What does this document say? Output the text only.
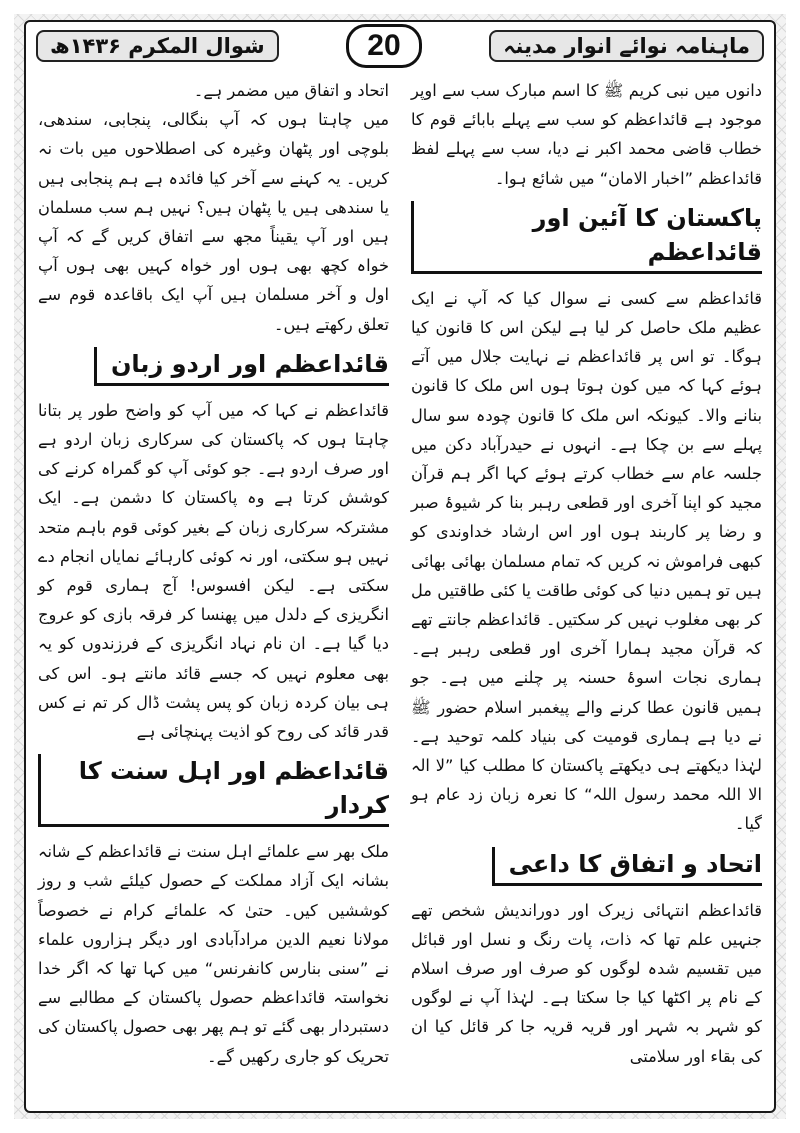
شوال المکرم ۱۴۳۶ھ	20	ماہنامہ نوائے انوار مدینہ

دانوں میں نبی کریم ﷺ کا اسم مبارک سب سے اوپر موجود ہے قائداعظم کو سب سے پہلے بابائے قوم کا خطاب قاضی محمد اکبر نے دیا، سب سے پہلے لفظ قائداعظم ”اخبار الامان“ میں شائع ہوا۔

پاکستان کا آئین اور قائداعظم

قائداعظم سے کسی نے سوال کیا کہ آپ نے ایک عظیم ملک حاصل کر لیا ہے لیکن اس کا قانون کیا ہوگا۔ تو اس پر قائداعظم نے نہایت جلال میں آتے ہوئے کہا کہ میں کون ہوتا ہوں اس ملک کا قانون بنانے والا۔ کیونکہ اس ملک کا قانون چودہ سو سال پہلے سے بن چکا ہے۔ انہوں نے حیدرآباد دکن میں جلسہ عام سے خطاب کرتے ہوئے کہا اگر ہم قرآن مجید کو اپنا آخری اور قطعی رہبر بنا کر شیوۂ صبر و رضا پر کاربند ہوں اور اس ارشاد خداوندی کو کبھی فراموش نہ کریں کہ تمام مسلمان بھائی بھائی ہیں تو ہمیں دنیا کی کوئی طاقت یا کئی طاقتیں مل کر بھی مغلوب نہیں کر سکتیں۔ قائداعظم جانتے تھے کہ قرآن مجید ہمارا آخری اور قطعی رہبر ہے۔ ہماری نجات اسوۂ حسنہ پر چلنے میں ہے۔ جو ہمیں قانون عطا کرنے والے پیغمبر اسلام حضور ﷺ نے دیا ہے ہماری قومیت کی بنیاد کلمہ توحید ہے۔ لہٰذا دیکھتے ہی دیکھتے پاکستان کا مطلب کیا ”لا الہ الا اللہ محمد رسول اللہ“ کا نعرہ زبان زد عام ہو گیا۔

اتحاد و اتفاق کا داعی

قائداعظم انتہائی زیرک اور دوراندیش شخص تھے جنہیں علم تھا کہ ذات، پات رنگ و نسل اور قبائل میں تقسیم شدہ لوگوں کو صرف اور صرف اسلام کے نام پر اکٹھا کیا جا سکتا ہے۔ لہٰذا آپ نے لوگوں کو شہر بہ شہر اور قریہ قریہ جا کر قائل کیا ان کی بقاء اور سلامتی

اتحاد و اتفاق میں مضمر ہے۔

میں چاہتا ہوں کہ آپ بنگالی، پنجابی، سندھی، بلوچی اور پٹھان وغیرہ کی اصطلاحوں میں بات نہ کریں۔ یہ کہنے سے آخر کیا فائدہ ہے ہم پنجابی ہیں یا سندھی ہیں یا پٹھان ہیں؟ نہیں ہم سب مسلمان ہیں اور آپ یقیناً مجھ سے اتفاق کریں گے کہ آپ خواہ کچھ بھی ہوں اور خواہ کہیں بھی ہوں آپ اول و آخر مسلمان ہیں آپ ایک باقاعدہ قوم سے تعلق رکھتے ہیں۔

قائداعظم اور اردو زبان

قائداعظم نے کہا کہ میں آپ کو واضح طور پر بتانا چاہتا ہوں کہ پاکستان کی سرکاری زبان اردو ہے اور صرف اردو ہے۔ جو کوئی آپ کو گمراہ کرنے کی کوشش کرتا ہے وہ پاکستان کا دشمن ہے۔ ایک مشترکہ سرکاری زبان کے بغیر کوئی قوم باہم متحد نہیں ہو سکتی، اور نہ کوئی کارہائے نمایاں انجام دے سکتی ہے۔ لیکن افسوس! آج ہماری قوم کو انگریزی کے دلدل میں پھنسا کر فرقہ بازی کو عروج دیا گیا ہے۔ ان نام نہاد انگریزی کے فرزندوں کو یہ بھی معلوم نہیں کہ جسے قائد مانتے ہو۔ اس کی ہی بیان کردہ زبان کو پس پشت ڈال کر تم نے کس قدر قائد کی روح کو اذیت پہنچائی ہے

قائداعظم اور اہل سنت کا کردار

ملک بھر سے علمائے اہل سنت نے قائداعظم کے شانہ بشانہ ایک آزاد مملکت کے حصول کیلئے شب و روز کوششیں کیں۔ حتیٰ کہ علمائے کرام نے خصوصاً مولانا نعیم الدین مرادآبادی اور دیگر ہزاروں علماء نے ”سنی بنارس کانفرنس“ میں کہا تھا کہ اگر خدا نخواستہ قائداعظم حصول پاکستان کے مطالبے سے دستبردار بھی گئے تو ہم پھر بھی حصول پاکستان کی تحریک کو جاری رکھیں گے۔
